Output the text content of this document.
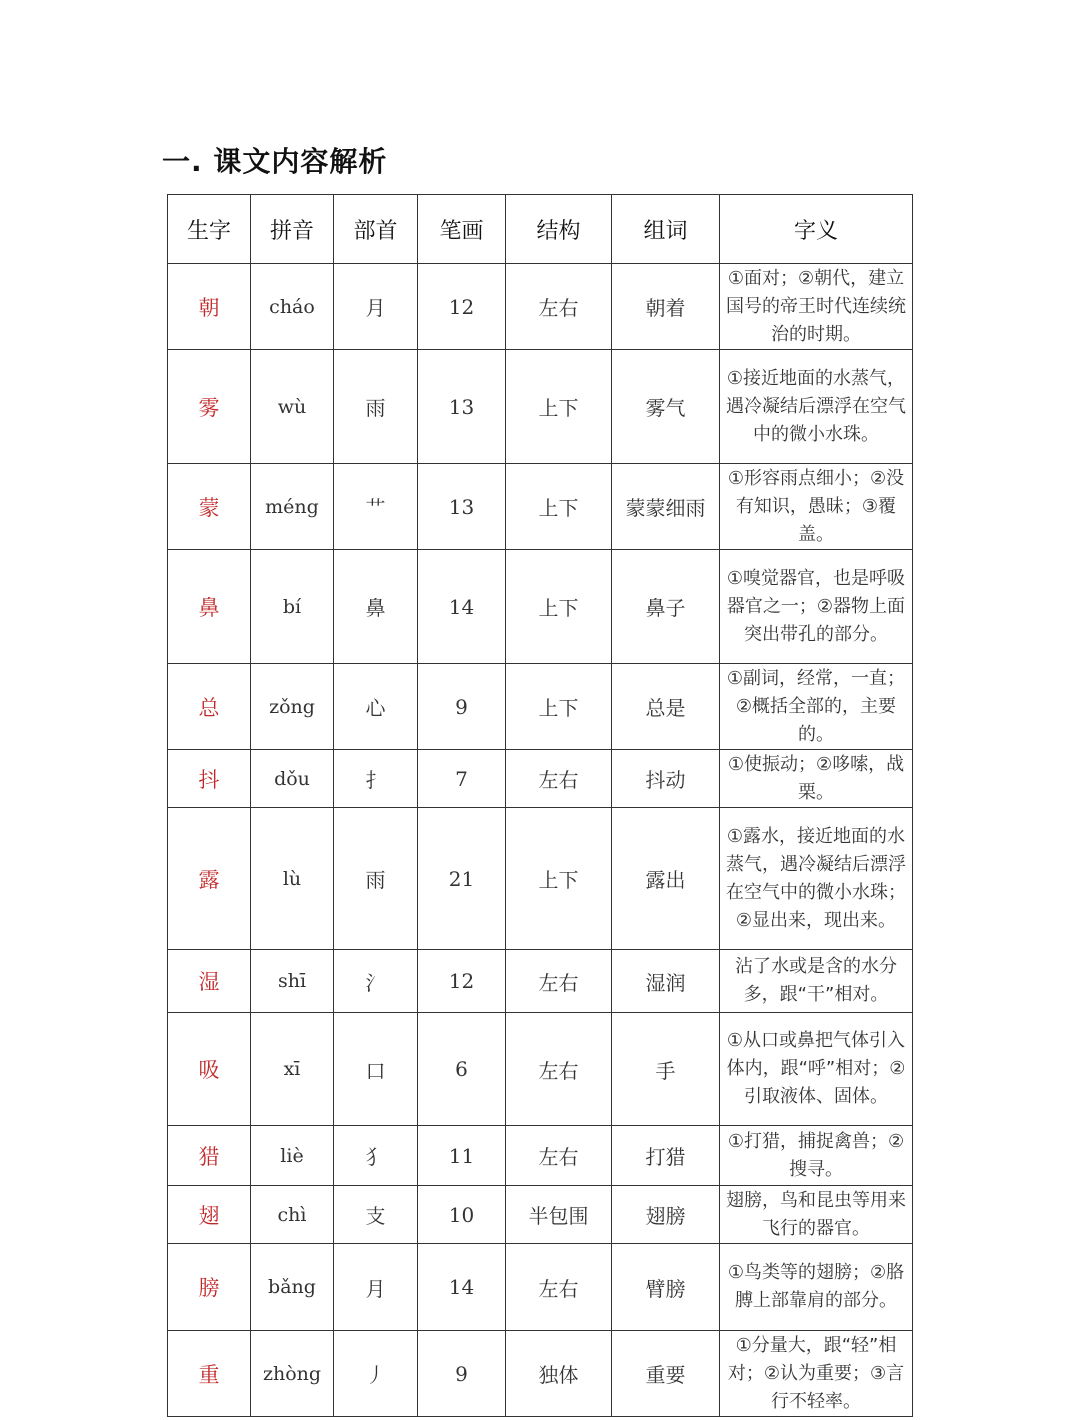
一. 课文内容解析
生字	拼音	部首	笔画	结构	组词	字义
朝	cháo	月	12	左右	朝着	①面对；②朝代，建立国号的帝王时代连续统治的时期。
雾	wù	雨	13	上下	雾气	①接近地面的水蒸气，遇冷凝结后漂浮在空气中的微小水珠。
蒙	méng	艹	13	上下	蒙蒙细雨	①形容雨点细小；②没有知识，愚昧；③覆盖。
鼻	bí	鼻	14	上下	鼻子	①嗅觉器官，也是呼吸器官之一；②器物上面突出带孔的部分。
总	zǒng	心	9	上下	总是	①副词，经常，一直；②概括全部的，主要的。
抖	dǒu	扌	7	左右	抖动	①使振动；②哆嗦，战栗。
露	lù	雨	21	上下	露出	①露水，接近地面的水蒸气，遇冷凝结后漂浮在空气中的微小水珠；②显出来，现出来。
湿	shī	氵	12	左右	湿润	沾了水或是含的水分多，跟“干”相对。
吸	xī	口	6	左右	手	①从口或鼻把气体引入体内，跟“呼”相对；②引取液体、固体。
猎	liè	犭	11	左右	打猎	①打猎，捕捉禽兽；②搜寻。
翅	chì	支	10	半包围	翅膀	翅膀，鸟和昆虫等用来飞行的器官。
膀	bǎng	月	14	左右	臂膀	①鸟类等的翅膀；②胳膊上部靠肩的部分。
重	zhòng	丿	9	独体	重要	①分量大，跟“轻”相对；②认为重要；③言行不轻率。
